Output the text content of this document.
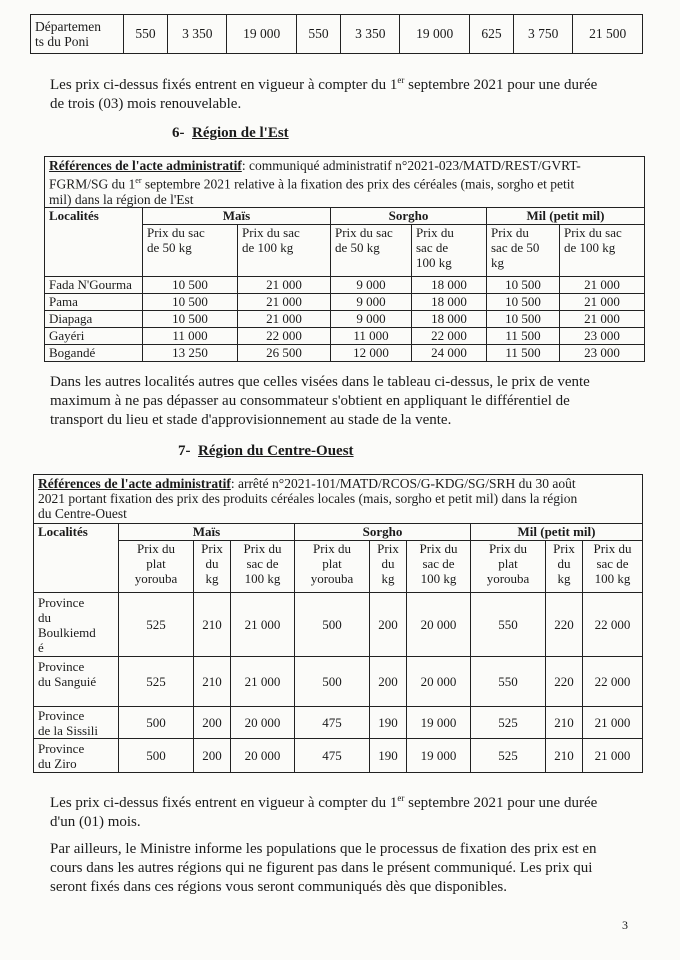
Départemen
ts du Poni	550	3 350	19 000	550	3 350	19 000	625	3 750	21 500
Les prix ci-dessus fixés entrent en vigueur à compter du 1er septembre 2021 pour une durée
de trois (03) mois renouvelable.
6- Région de l'Est
Références de l'acte administratif: communiqué administratif n°2021-023/MATD/REST/GVRT-
FGRM/SG du 1er septembre 2021 relative à la fixation des prix des céréales (mais, sorgho et petit
mil) dans la région de l'Est
Localités	Maïs		Sorgho		Mil (petit mil)	
	Prix du sac
de 50 kg	Prix du sac
de 100 kg	Prix du sac
de 50 kg	Prix du
sac de
100 kg	Prix du
sac de 50
kg	Prix du sac
de 100 kg
Fada N'Gourma	10 500	21 000	9 000	18 000	10 500	21 000
Pama	10 500	21 000	9 000	18 000	10 500	21 000
Diapaga	10 500	21 000	9 000	18 000	10 500	21 000
Gayéri	11 000	22 000	11 000	22 000	11 500	23 000
Bogandé	13 250	26 500	12 000	24 000	11 500	23 000
Dans les autres localités autres que celles visées dans le tableau ci-dessus, le prix de vente
maximum à ne pas dépasser au consommateur s'obtient en appliquant le différentiel de
transport du lieu et stade d'approvisionnement au stade de la vente.
7- Région du Centre-Ouest
Références de l'acte administratif: arrêté n°2021-101/MATD/RCOS/G-KDG/SG/SRH du 30 août
2021 portant fixation des prix des produits céréales locales (mais, sorgho et petit mil) dans la région
du Centre-Ouest
Localités	Maïs			Sorgho			Mil (petit mil)		
	Prix du
plat
yorouba	Prix
du
kg	Prix du
sac de
100 kg	Prix du
plat
yorouba	Prix
du
kg	Prix du
sac de
100 kg	Prix du
plat
yorouba	Prix
du
kg	Prix du
sac de
100 kg
Province
du
Boulkiemd
é	525	210	21 000	500	200	20 000	550	220	22 000
Province
du Sanguié	525	210	21 000	500	200	20 000	550	220	22 000
Province
de la Sissili	500	200	20 000	475	190	19 000	525	210	21 000
Province
du Ziro	500	200	20 000	475	190	19 000	525	210	21 000
Les prix ci-dessus fixés entrent en vigueur à compter du 1er septembre 2021 pour une durée
d'un (01) mois.
Par ailleurs, le Ministre informe les populations que le processus de fixation des prix est en
cours dans les autres régions qui ne figurent pas dans le présent communiqué. Les prix qui
seront fixés dans ces régions vous seront communiqués dès que disponibles.
3
